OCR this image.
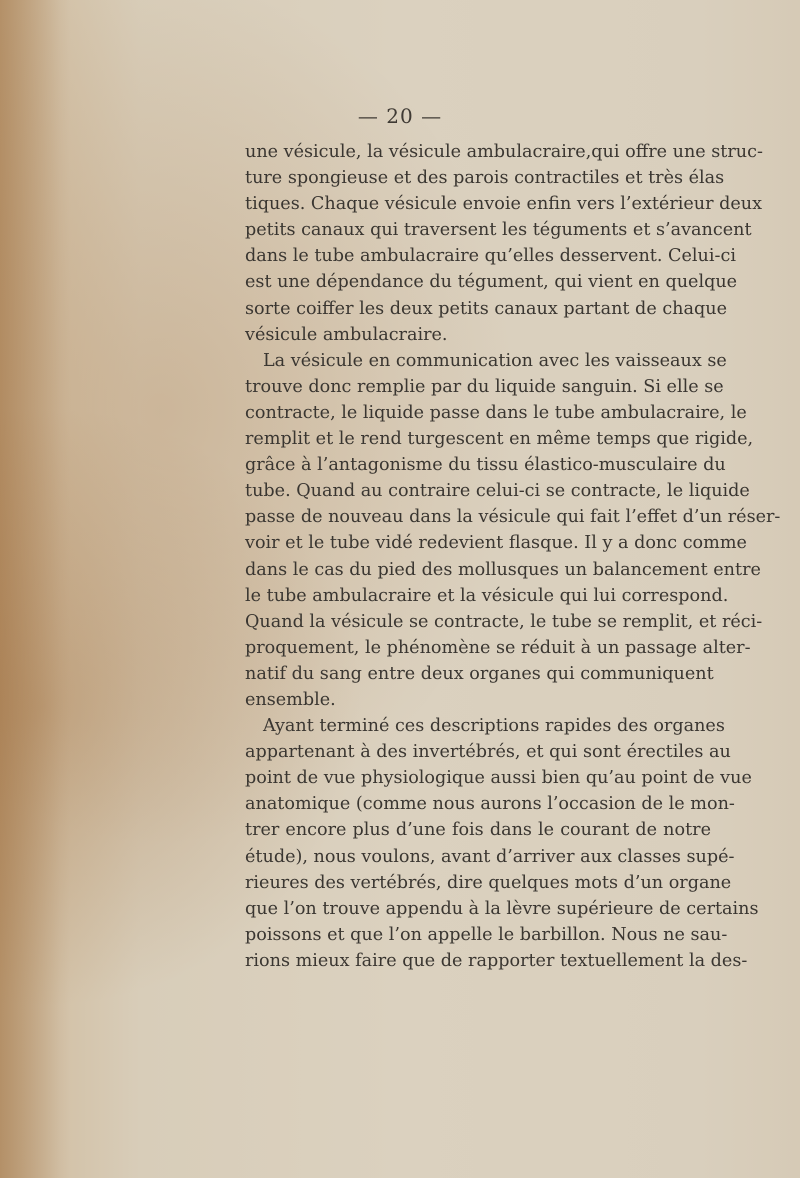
— 20 —
une vésicule, la vésicule ambulacraire,qui offre une struc-
ture spongieuse et des parois contractiles et très élas
tiques. Chaque vésicule envoie enfin vers l’extérieur deux
petits canaux qui traversent les téguments et s’avancent
dans le tube ambulacraire qu’elles desservent. Celui-ci
est une dépendance du tégument, qui vient en quelque
sorte coiffer les deux petits canaux partant de chaque
vésicule ambulacraire.
La vésicule en communication avec les vaisseaux se
trouve donc remplie par du liquide sanguin. Si elle se
contracte, le liquide passe dans le tube ambulacraire, le
remplit et le rend turgescent en même temps que rigide,
grâce à l’antagonisme du tissu élastico-musculaire du
tube. Quand au contraire celui-ci se contracte, le liquide
passe de nouveau dans la vésicule qui fait l’effet d’un réser-
voir et le tube vidé redevient flasque. Il y a donc comme
dans le cas du pied des mollusques un balancement entre
le tube ambulacraire et la vésicule qui lui correspond.
Quand la vésicule se contracte, le tube se remplit, et réci-
proquement, le phénomène se réduit à un passage alter-
natif du sang entre deux organes qui communiquent
ensemble.
Ayant terminé ces descriptions rapides des organes
appartenant à des invertébrés, et qui sont érectiles au
point de vue physiologique aussi bien qu’au point de vue
anatomique (comme nous aurons l’occasion de le mon-
trer encore plus d’une fois dans le courant de notre
étude), nous voulons, avant d’arriver aux classes supé-
rieures des vertébrés, dire quelques mots d’un organe
que l’on trouve appendu à la lèvre supérieure de certains
poissons et que l’on appelle le barbillon. Nous ne sau-
rions mieux faire que de rapporter textuellement la des-
